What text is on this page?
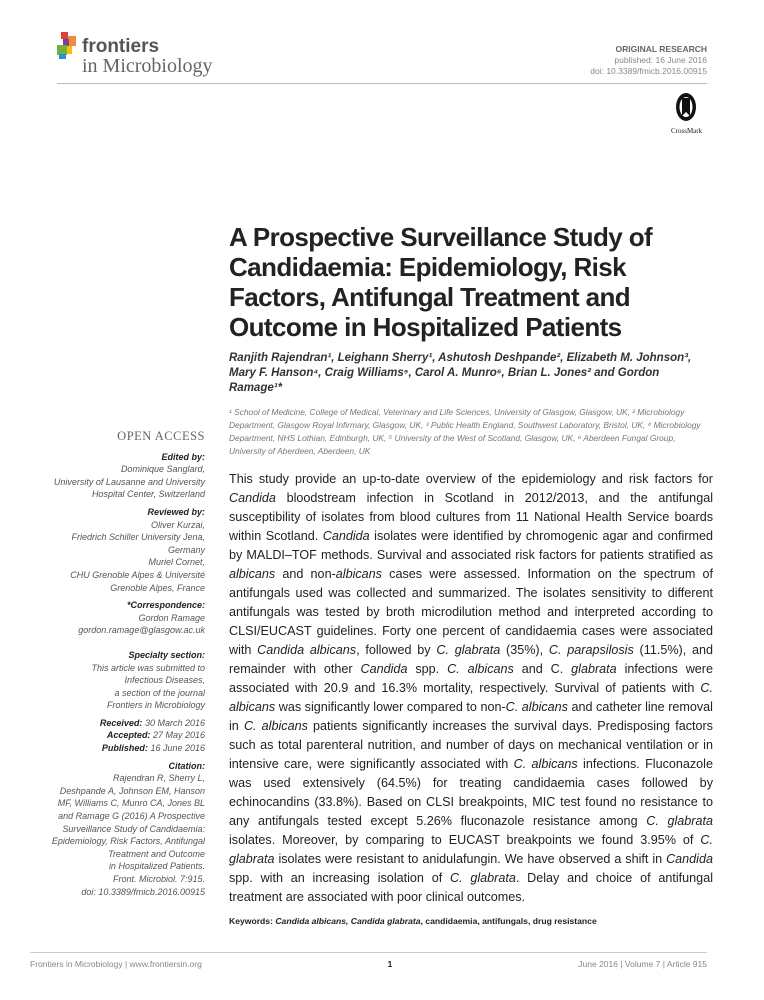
frontiers
in Microbiology
ORIGINAL RESEARCH
published: 16 June 2016
doi: 10.3389/fmicb.2016.00915
CrossMark
A Prospective Surveillance Study of Candidaemia: Epidemiology, Risk Factors, Antifungal Treatment and Outcome in Hospitalized Patients
Ranjith Rajendran¹, Leighann Sherry¹, Ashutosh Deshpande², Elizabeth M. Johnson³, Mary F. Hanson⁴, Craig Williams⁵, Carol A. Munro⁶, Brian L. Jones² and Gordon Ramage¹*
¹ School of Medicine, College of Medical, Veterinary and Life Sciences, University of Glasgow, Glasgow, UK, ² Microbiology Department, Glasgow Royal Infirmary, Glasgow, UK, ³ Public Health England, Southwest Laboratory, Bristol, UK, ⁴ Microbiology Department, NHS Lothian, Edinburgh, UK, ⁵ University of the West of Scotland, Glasgow, UK, ⁶ Aberdeen Fungal Group, University of Aberdeen, Aberdeen, UK
This study provide an up-to-date overview of the epidemiology and risk factors for Candida bloodstream infection in Scotland in 2012/2013, and the antifungal susceptibility of isolates from blood cultures from 11 National Health Service boards within Scotland. Candida isolates were identified by chromogenic agar and confirmed by MALDI–TOF methods. Survival and associated risk factors for patients stratified as albicans and non-albicans cases were assessed. Information on the spectrum of antifungals used was collected and summarized. The isolates sensitivity to different antifungals was tested by broth microdilution method and interpreted according to CLSI/EUCAST guidelines. Forty one percent of candidaemia cases were associated with Candida albicans, followed by C. glabrata (35%), C. parapsilosis (11.5%), and remainder with other Candida spp. C. albicans and C. glabrata infections were associated with 20.9 and 16.3% mortality, respectively. Survival of patients with C. albicans was significantly lower compared to non-C. albicans and catheter line removal in C. albicans patients significantly increases the survival days. Predisposing factors such as total parenteral nutrition, and number of days on mechanical ventilation or in intensive care, were significantly associated with C. albicans infections. Fluconazole was used extensively (64.5%) for treating candidaemia cases followed by echinocandins (33.8%). Based on CLSI breakpoints, MIC test found no resistance to any antifungals tested except 5.26% fluconazole resistance among C. glabrata isolates. Moreover, by comparing to EUCAST breakpoints we found 3.95% of C. glabrata isolates were resistant to anidulafungin. We have observed a shift in Candida spp. with an increasing isolation of C. glabrata. Delay and choice of antifungal treatment are associated with poor clinical outcomes.
Keywords: Candida albicans, Candida glabrata, candidaemia, antifungals, drug resistance
OPEN ACCESS
Edited by:
Dominique Sanglard,
University of Lausanne and University
Hospital Center, Switzerland
Reviewed by:
Oliver Kurzai,
Friedrich Schiller University Jena,
Germany
Muriel Cornet,
CHU Grenoble Alpes & Université
Grenoble Alpes, France
*Correspondence:
Gordon Ramage
gordon.ramage@glasgow.ac.uk
Specialty section:
This article was submitted to
Infectious Diseases,
a section of the journal
Frontiers in Microbiology
Received: 30 March 2016
Accepted: 27 May 2016
Published: 16 June 2016
Citation:
Rajendran R, Sherry L,
Deshpande A, Johnson EM, Hanson
MF, Williams C, Munro CA, Jones BL
and Ramage G (2016) A Prospective
Surveillance Study of Candidaemia:
Epidemiology, Risk Factors, Antifungal
Treatment and Outcome
in Hospitalized Patients.
Front. Microbiol. 7:915.
doi: 10.3389/fmicb.2016.00915
Frontiers in Microbiology | www.frontiersin.org	1	June 2016 | Volume 7 | Article 915
